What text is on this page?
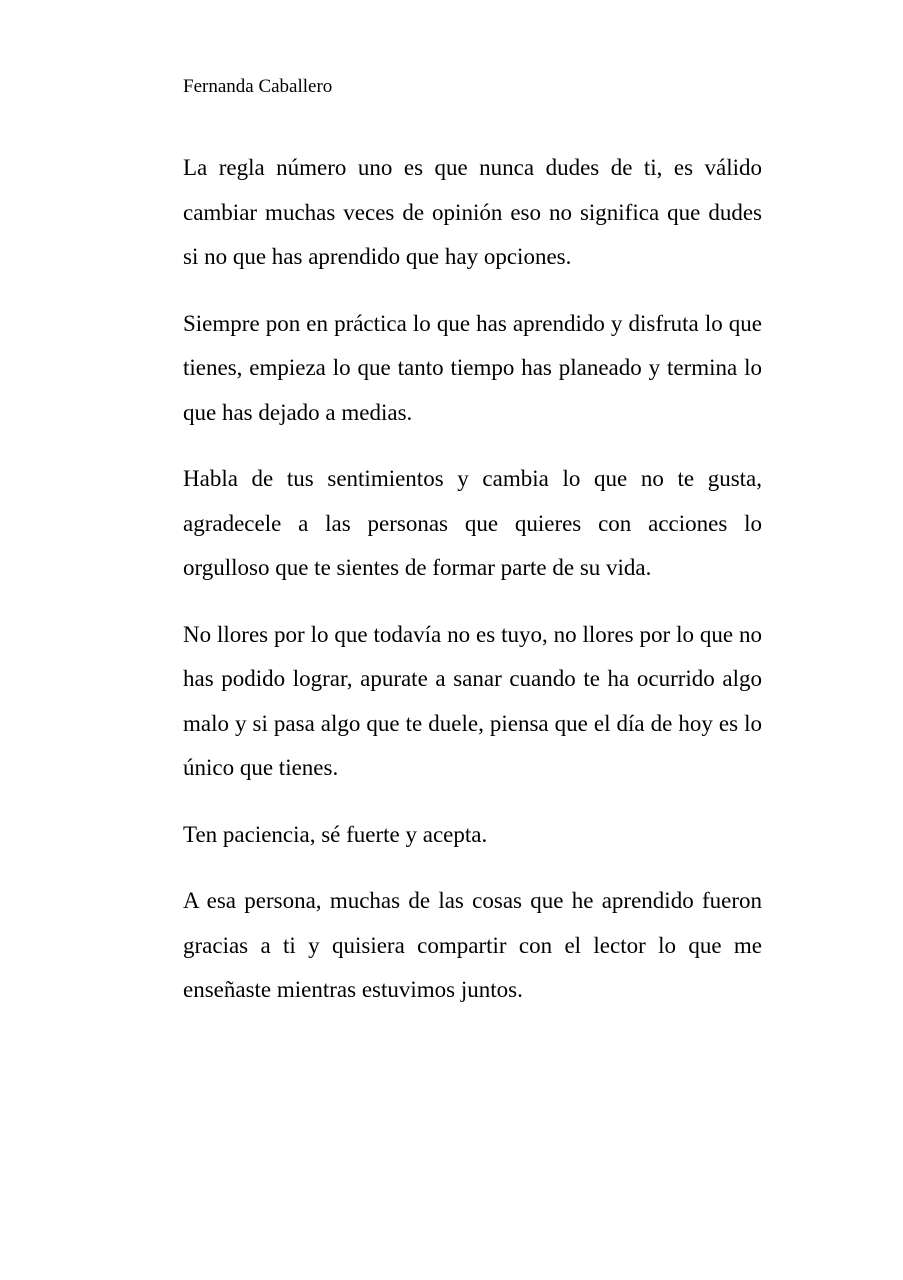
Fernanda Caballero

La regla número uno es que nunca dudes de ti, es válido cambiar muchas veces de opinión eso no significa que dudes si no que has aprendido que hay opciones.

Siempre pon en práctica lo que has aprendido y disfruta lo que tienes, empieza lo que tanto tiempo has planeado y termina lo que has dejado a medias.

Habla de tus sentimientos y cambia lo que no te gusta, agradecele a las personas que quieres con acciones lo orgulloso que te sientes de formar parte de su vida.

No llores por lo que todavía no es tuyo, no llores por lo que no has podido lograr, apurate a sanar cuando te ha ocurrido algo malo y si pasa algo que te duele, piensa que el día de hoy es lo único que tienes.

Ten paciencia, sé fuerte y acepta.

A esa persona, muchas de las cosas que he aprendido fueron gracias a ti y quisiera compartir con el lector lo que me enseñaste mientras estuvimos juntos.
